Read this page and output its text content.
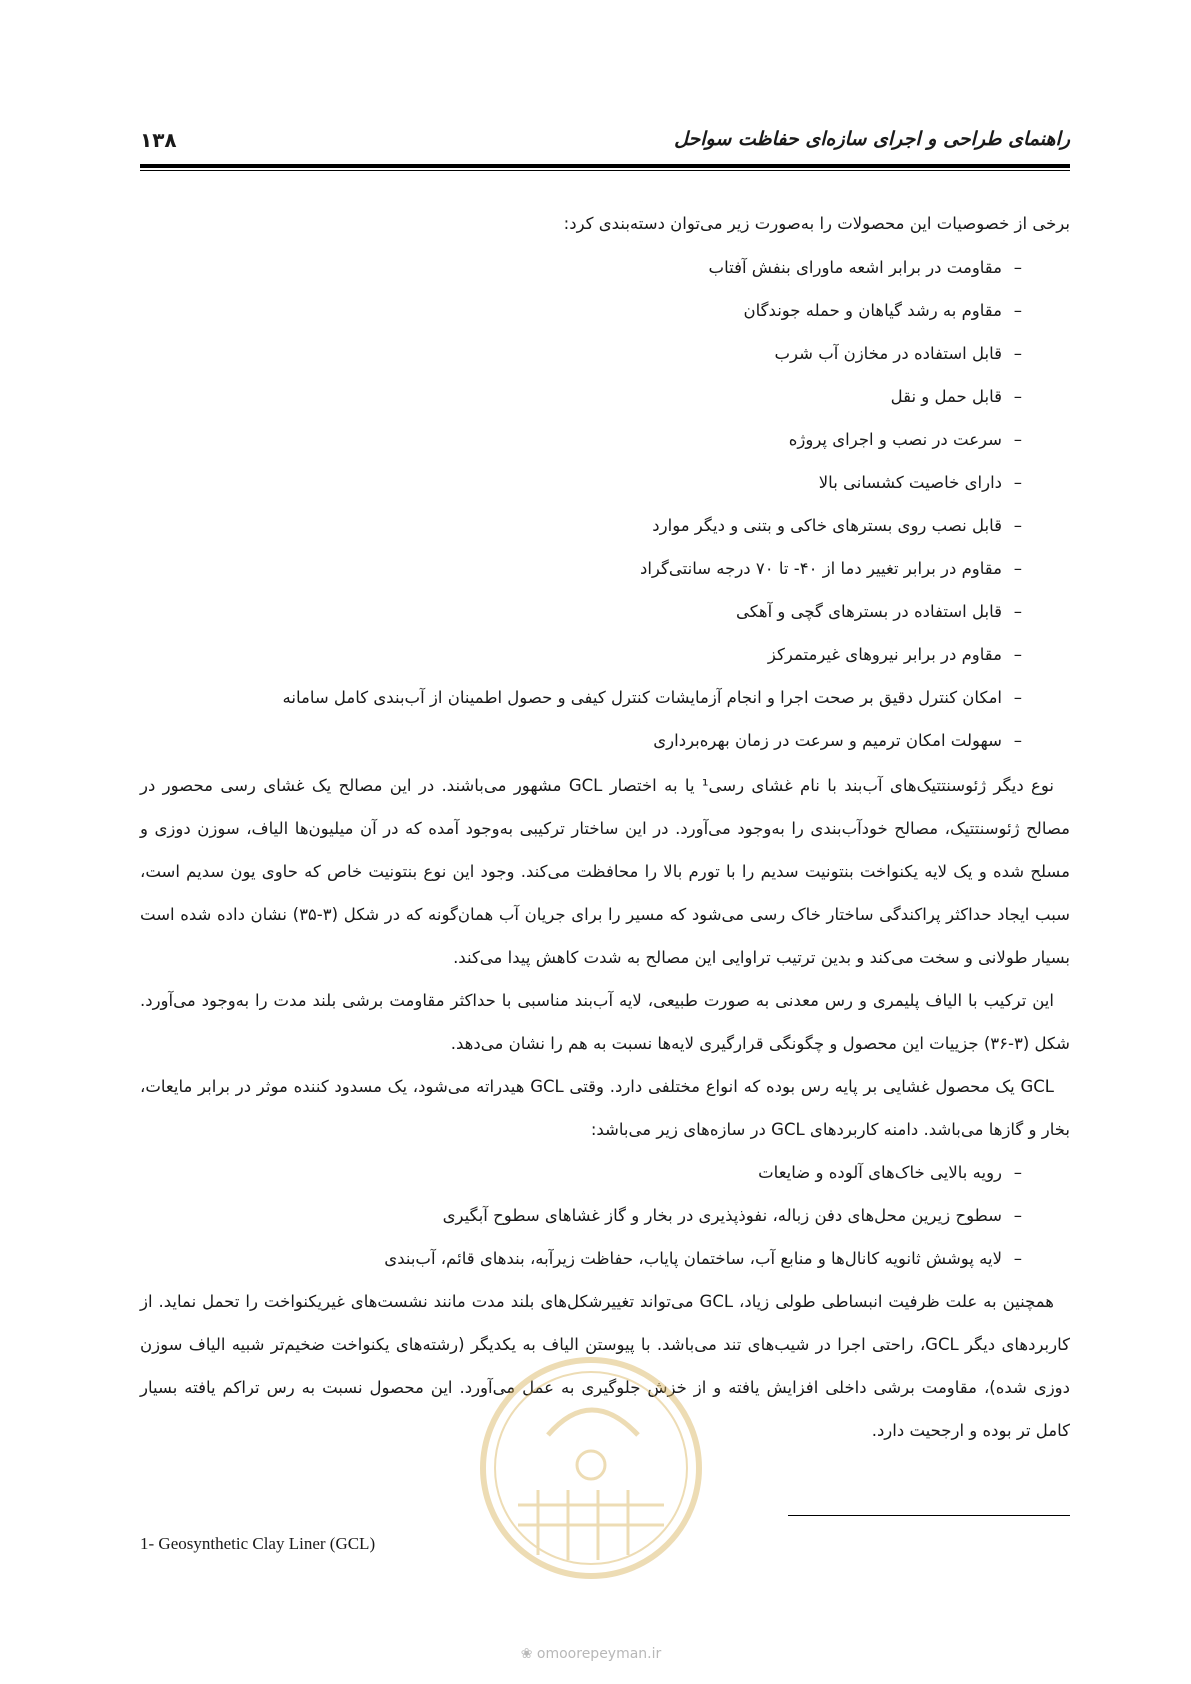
راهنمای طراحی و اجرای سازه‌ای حفاظت سواحل
۱۳۸

برخی از خصوصیات این محصولات را به‌صورت زیر می‌توان دسته‌بندی کرد:

– مقاومت در برابر اشعه ماورای بنفش آفتاب
– مقاوم به رشد گیاهان و حمله جوندگان
– قابل استفاده در مخازن آب شرب
– قابل حمل و نقل
– سرعت در نصب و اجرای پروژه
– دارای خاصیت کشسانی بالا
– قابل نصب روی بسترهای خاکی و بتنی و دیگر موارد
– مقاوم در برابر تغییر دما از ۴۰- تا ۷۰ درجه سانتی‌گراد
– قابل استفاده در بسترهای گچی و آهکی
– مقاوم در برابر نیروهای غیرمتمرکز
– امکان کنترل دقیق بر صحت اجرا و انجام آزمایشات کنترل کیفی و حصول اطمینان از آب‌بندی کامل سامانه
– سهولت امکان ترمیم و سرعت در زمان بهره‌برداری

نوع دیگر ژئوسنتتیک‌های آب‌بند با نام غشای رسی¹ یا به اختصار GCL مشهور می‌باشند. در این مصالح یک غشای رسی محصور در مصالح ژئوسنتتیک، مصالح خودآب‌بندی را به‌وجود می‌آورد. در این ساختار ترکیبی به‌وجود آمده که در آن میلیون‌ها الیاف، سوزن دوزی و مسلح شده و یک لایه یکنواخت بنتونیت سدیم را با تورم بالا را محافظت می‌کند. وجود این نوع بنتونیت خاص که حاوی یون سدیم است، سبب ایجاد حداکثر پراکندگی ساختار خاک رسی می‌شود که مسیر را برای جریان آب همان‌گونه که در شکل (۳-۳۵) نشان داده شده است بسیار طولانی و سخت می‌کند و بدین ترتیب تراوایی این مصالح به شدت کاهش پیدا می‌کند.

این ترکیب با الیاف پلیمری و رس معدنی به صورت طبیعی، لایه آب‌بند مناسبی با حداکثر مقاومت برشی بلند مدت را به‌وجود می‌آورد. شکل (۳-۳۶) جزییات این محصول و چگونگی قرارگیری لایه‌ها نسبت به هم را نشان می‌دهد.

GCL یک محصول غشایی بر پایه رس بوده که انواع مختلفی دارد. وقتی GCL هیدراته می‌شود، یک مسدود کننده موثر در برابر مایعات، بخار و گازها می‌باشد. دامنه کاربردهای GCL در سازه‌های زیر می‌باشد:

– رویه بالایی خاک‌های آلوده و ضایعات
– سطوح زیرین محل‌های دفن زباله، نفوذپذیری در بخار و گاز غشاهای سطوح آبگیری
– لایه پوشش ثانویه کانال‌ها و منابع آب، ساختمان پایاب، حفاظت زیرآبه، بندهای قائم، آب‌بندی

همچنین به علت ظرفیت انبساطی طولی زیاد، GCL می‌تواند تغییرشکل‌های بلند مدت مانند نشست‌های غیریکنواخت را تحمل نماید. از کاربردهای دیگر GCL، راحتی اجرا در شیب‌های تند می‌باشد. با پیوستن الیاف به یکدیگر (رشته‌های یکنواخت ضخیم‌تر شبیه الیاف سوزن دوزی شده)، مقاومت برشی داخلی افزایش یافته و از خزش جلوگیری به عمل می‌آورد. این محصول نسبت به رس تراکم یافته بسیار کامل تر بوده و ارجحیت دارد.

❀ omoorepeyman.ir
1- Geosynthetic Clay Liner (GCL)
